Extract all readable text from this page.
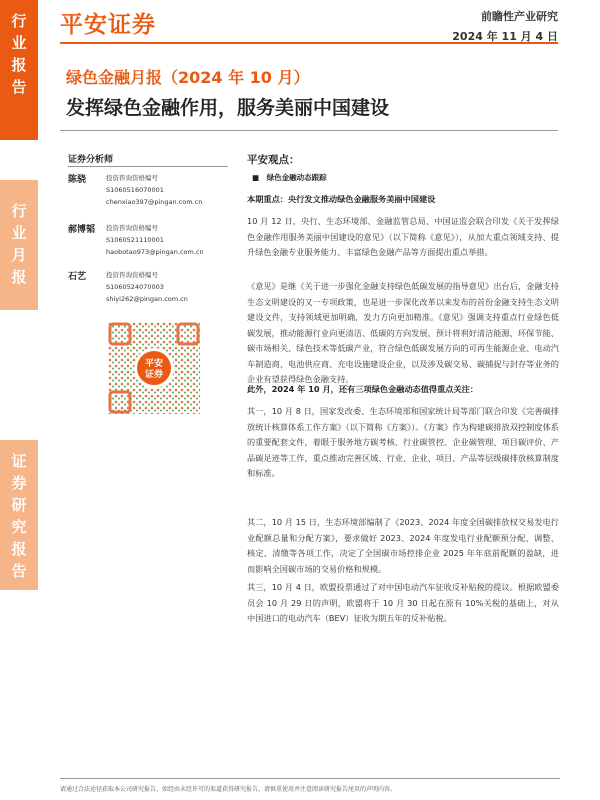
行
业
报
告
行
业
月
报
证
券
研
究
报
告
平安证券	前瞻性产业研究
2024 年 11 月 4 日
绿色金融月报（2024 年 10 月）
发挥绿色金融作用，服务美丽中国建设
证券分析师
陈骁	投资咨询资格编号
S1060516070001
chenxiao397@pingan.com.cn
郝博韬 投资咨询资格编号
S1060521110001
haobotao973@pingan.com.cn
石艺	投资咨询资格编号
S1060524070003
shiyi262@pingan.com.cn
平安
证券
平安观点：
■　绿色金融动态跟踪
本期重点：央行发文推动绿色金融服务美丽中国建设
10 月 12 日，央行、生态环境部、金融监管总局、中国证监会联合印发《关于发挥绿色金融作用服务美丽中国建设的意见》（以下简称《意见》），从加大重点领域支持、提升绿色金融专业服务能力、丰富绿色金融产品等方面提出重点举措。
《意见》是继《关于进一步强化金融支持绿色低碳发展的指导意见》出台后，金融支持生态文明建设的又一专项政策，也是进一步深化改革以来发布的首份金融支持生态文明建设文件，支持领域更加明确，发力方向更加精准。《意见》强调支持重点行业绿色低碳发展，推动能源行业向更清洁、低碳的方向发展，预计将利好清洁能源、环保节能、碳市场相关、绿色技术等低碳产业，符合绿色低碳发展方向的可再生能源企业、电动汽车制造商、电池供应商、充电设施建设企业，以及涉及碳交易、碳捕捉与封存等业务的企业有望获得绿色金融支持。
此外，2024 年 10 月，还有三项绿色金融动态值得重点关注：
其一，10 月 8 日，国家发改委、生态环境部和国家统计局等部门联合印发《完善碳排放统计核算体系工作方案》（以下简称《方案》）。《方案》作为构建碳排放双控制度体系的重要配套文件，着眼于服务地方碳考核、行业碳管控、企业碳管理、项目碳评价、产品碳足迹等工作，重点推动完善区域、行业、企业、项目、产品等层级碳排放核算制度和标准。
其二，10 月 15 日，生态环境部编制了《2023、2024 年度全国碳排放权交易发电行业配额总量和分配方案》，要求做好 2023、2024 年度发电行业配额预分配、调整、核定、清缴等各项工作，决定了全国碳市场控排企业 2025 年年底前配额的盈缺，进而影响全国碳市场的交易价格和规模。
其三，10 月 4 日，欧盟投票通过了对中国电动汽车征收反补贴税的提议。根据欧盟委员会 10 月 29 日的声明，欧盟将于 10 月 30 日起在原有 10%关税的基础上，对从中国进口的电动汽车（BEV）征收为期五年的反补贴税。
请通过合法途径获取本公司研究报告，如经由未经许可的渠道获得研究报告，请慎重使用并注意阅读研究报告尾页的声明内容。
